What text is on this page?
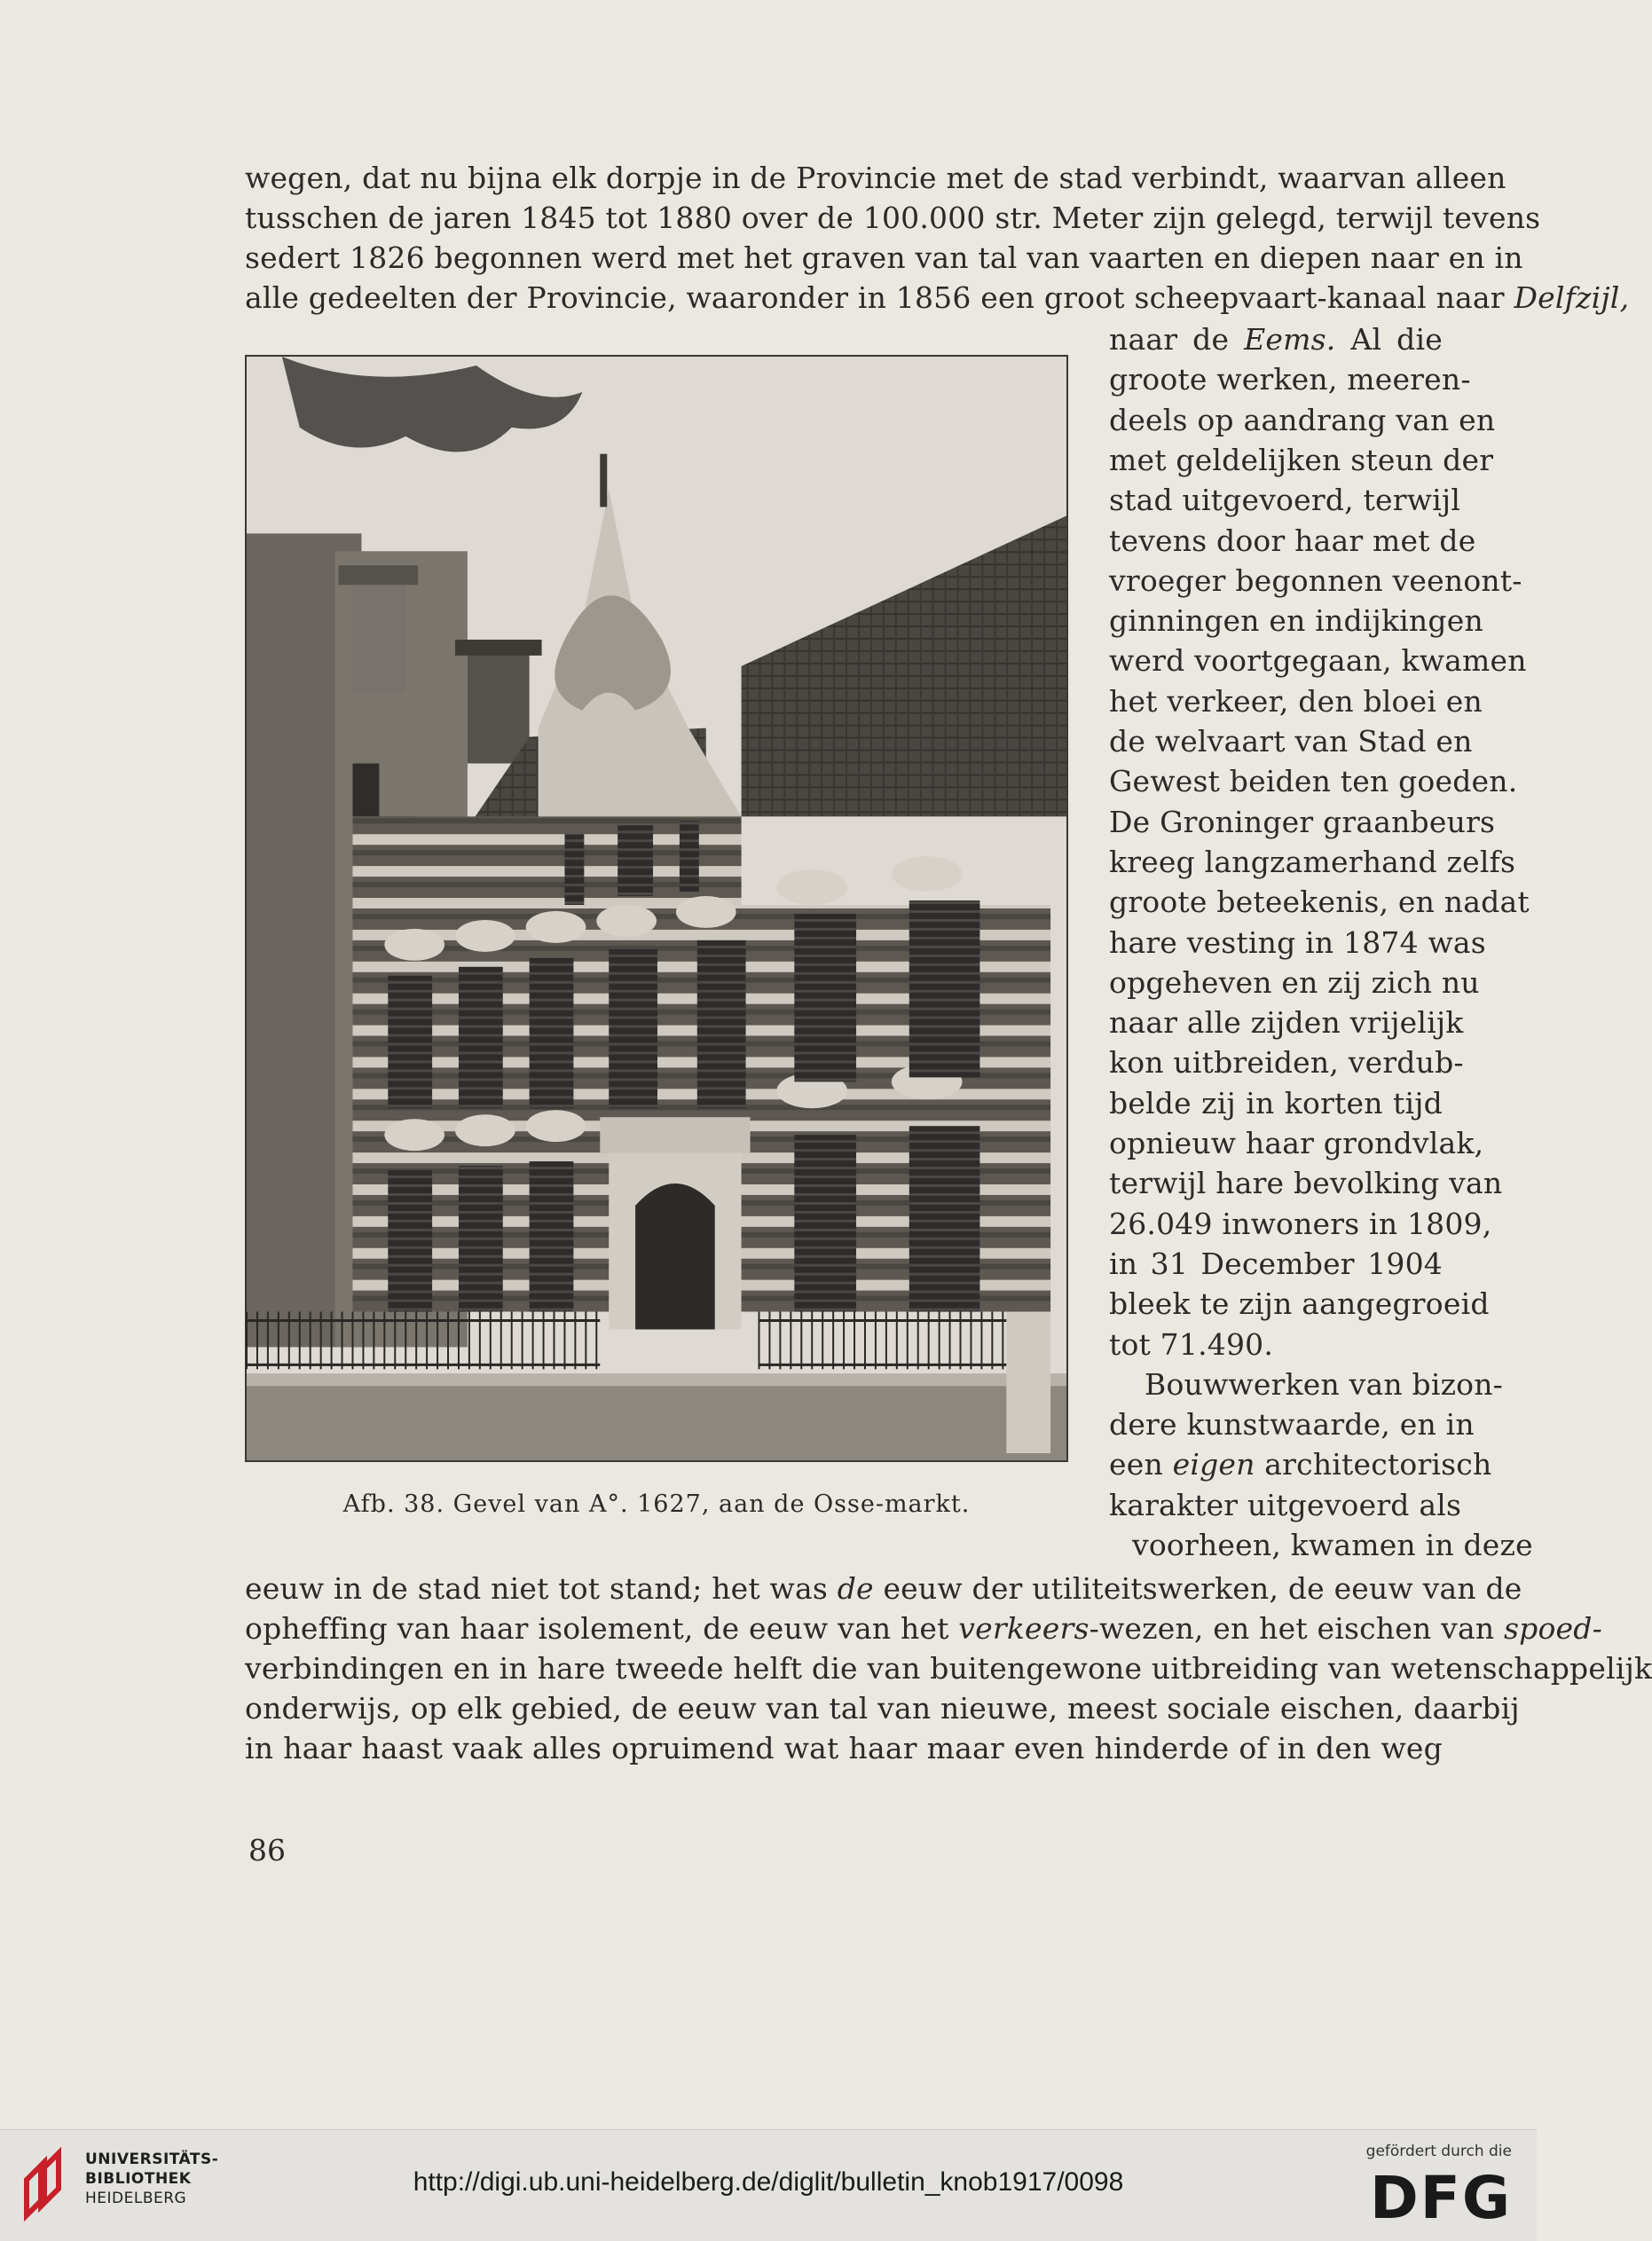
wegen, dat nu bijna elk dorpje in de Provincie met de stad verbindt, waarvan alleen
tusschen de jaren 1845 tot 1880 over de 100.000 str. Meter zijn gelegd, terwijl tevens
sedert 1826 begonnen werd met het graven van tal van vaarten en diepen naar en in
alle gedeelten der Provincie, waaronder in 1856 een groot scheepvaart-kanaal naar Delfzijl,
naar de Eems. Al die
Afb. 38. Gevel van A°. 1627, aan de Osse-markt.
eeuw in de stad niet tot stand; het was de eeuw der utiliteitswerken, de eeuw van de
opheffing van haar isolement, de eeuw van het verkeers-wezen, en het eischen van spoed-
verbindingen en in hare tweede helft die van buitengewone uitbreiding van wetenschappelijk
onderwijs, op elk gebied, de eeuw van tal van nieuwe, meest sociale eischen, daarbij
in haar haast vaak alles opruimend wat haar maar even hinderde of in den weg
86
groote werken, meeren-
deels op aandrang van en
met geldelijken steun der
stad uitgevoerd, terwijl
tevens door haar met de
vroeger begonnen veenont-
ginningen en indijkingen
werd voortgegaan, kwamen
het verkeer, den bloei en
de welvaart van Stad en
Gewest beiden ten goeden.
De Groninger graanbeurs
kreeg langzamerhand zelfs
groote beteekenis, en nadat
hare vesting in 1874 was
opgeheven en zij zich nu
naar alle zijden vrijelijk
kon uitbreiden, verdub-
belde zij in korten tijd
opnieuw haar grondvlak,
terwijl hare bevolking van
26.049 inwoners in 1809,
in 31 December 1904
bleek te zijn aangegroeid
tot 71.490.
Bouwwerken van bizon-
dere kunstwaarde, en in
een eigen architectorisch
karakter uitgevoerd als
voorheen, kwamen in deze
UNIVERSITÄTS-
BIBLIOTHEK
HEIDELBERG
http://digi.ub.uni-heidelberg.de/diglit/bulletin_knob1917/0098
gefördert durch die
DFG
